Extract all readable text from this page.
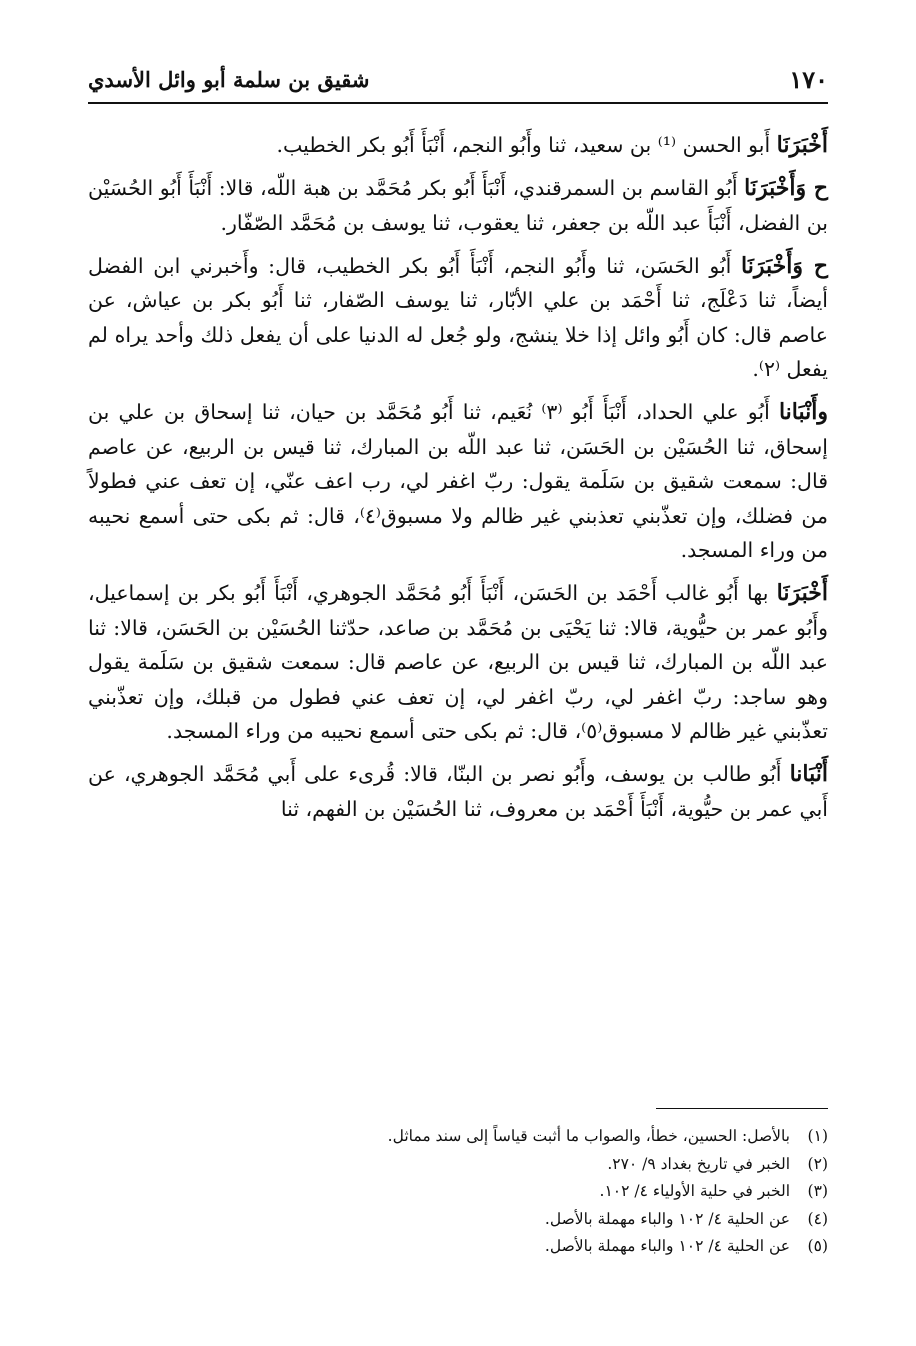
١٧٠
شقيق بن سلمة أبو وائل الأسدي

أَخْبَرَنَا أَبو الحسن ⁽¹⁾ بن سعيد، ثنا وأَبُو النجم، أَنْبَأَ أَبُو بكر الخطيب.

ح وَأَخْبَرَنَا أَبُو القاسم بن السمرقندي، أَنْبَأَ أَبُو بكر مُحَمَّد بن هبة اللّه، قالا: أَنْبَأَ أَبُو الحُسَيْن بن الفضل، أَنْبَأَ عبد اللّه بن جعفر، ثنا يعقوب، ثنا يوسف بن مُحَمَّد الصّفّار.

ح وَأَخْبَرَنَا أَبُو الحَسَن، ثنا وأَبُو النجم، أَنْبَأَ أَبُو بكر الخطيب، قال: وأَخبرني ابن الفضل أيضاً، ثنا دَعْلَج، ثنا أَحْمَد بن علي الأبّار، ثنا يوسف الصّفار، ثنا أَبُو بكر بن عياش، عن عاصم قال: كان أَبُو وائل إذا خلا ينشج، ولو جُعل له الدنيا على أن يفعل ذلك وأحد يراه لم يفعل ⁽٢⁾.

وأَنْبَانا أَبُو علي الحداد، أَنْبَأَ أَبُو ⁽٣⁾ نُعَيم، ثنا أَبُو مُحَمَّد بن حيان، ثنا إسحاق بن علي بن إسحاق، ثنا الحُسَيْن بن الحَسَن، ثنا عبد اللّه بن المبارك، ثنا قيس بن الربيع، عن عاصم قال: سمعت شقيق بن سَلَمة يقول: ربّ اغفر لي، رب اعف عنّي، إن تعف عني فطولاً من فضلك، وإن تعذّبني تعذبني غير ظالم ولا مسبوق⁽٤⁾، قال: ثم بكى حتى أسمع نحيبه من وراء المسجد.

أَخْبَرَنَا بها أَبُو غالب أَحْمَد بن الحَسَن، أَنْبَأَ أَبُو مُحَمَّد الجوهري، أَنْبَأَ أَبُو بكر بن إسماعيل، وأَبُو عمر بن حيُّوية، قالا: ثنا يَحْيَى بن مُحَمَّد بن صاعد، حدّثنا الحُسَيْن بن الحَسَن، قالا: ثنا عبد اللّه بن المبارك، ثنا قيس بن الربيع، عن عاصم قال: سمعت شقيق بن سَلَمة يقول وهو ساجد: ربّ اغفر لي، ربّ اغفر لي، إن تعف عني فطول من قبلك، وإن تعذّبني تعذّبني غير ظالم لا مسبوق⁽٥⁾، قال: ثم بكى حتى أسمع نحيبه من وراء المسجد.

أَنْبَانا أَبُو طالب بن يوسف، وأَبُو نصر بن البنّا، قالا: قُرىء على أَبي مُحَمَّد الجوهري، عن أَبي عمر بن حيُّوية، أَنْبَأَ أَحْمَد بن معروف، ثنا الحُسَيْن بن الفهم، ثنا

(١)
بالأصل: الحسين، خطأ، والصواب ما أثبت قياساً إلى سند مماثل.
(٢)
الخبر في تاريخ بغداد ٩/ ٢٧٠.
(٣)
الخبر في حلية الأولياء ٤/ ١٠٢.
(٤)
عن الحلية ٤/ ١٠٢ والباء مهملة بالأصل.
(٥)
عن الحلية ٤/ ١٠٢ والباء مهملة بالأصل.
